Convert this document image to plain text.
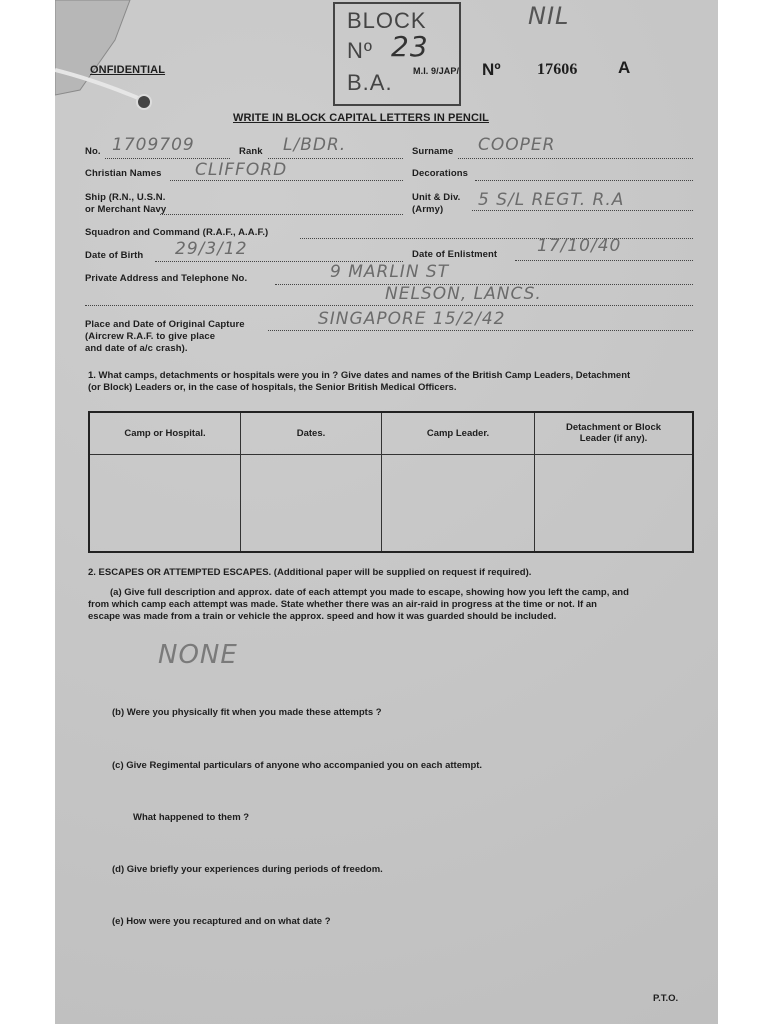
BLOCK
Nº 23
B.A.
NIL
ONFIDENTIAL	M.I. 9/JAP/ Nº 17606 A
WRITE IN BLOCK CAPITAL LETTERS IN PENCIL
No. 1709709	Rank L/BDR.	Surname COOPER
Christian Names CLIFFORD	Decorations
Ship (R.N., U.S.N.
or Merchant Navy
Unit & Div.
(Army) 5 S/L REGT. R.A
Squadron and Command (R.A.F., A.A.F.)
Date of Birth 29/3/12	Date of Enlistment 17/10/40
Private Address and Telephone No.	9 MARLIN ST
NELSON, LANCS.
Place and Date of Original Capture
(Aircrew R.A.F. to give place
and date of a/c crash).
SINGAPORE 15/2/42
1. What camps, detachments or hospitals were you in ? Give dates and names of the British Camp Leaders, Detachment
(or Block) Leaders or, in the case of hospitals, the Senior British Medical Officers.
Camp or Hospital.	Dates.	Camp Leader.	Detachment or Block
Leader (if any).

2. ESCAPES OR ATTEMPTED ESCAPES. (Additional paper will be supplied on request if required).
(a) Give full description and approx. date of each attempt you made to escape, showing how you left the camp, and
from which camp each attempt was made. State whether there was an air-raid in progress at the time or not. If an
escape was made from a train or vehicle the approx. speed and how it was guarded should be included.
NONE
(b) Were you physically fit when you made these attempts ?
(c) Give Regimental particulars of anyone who accompanied you on each attempt.
What happened to them ?
(d) Give briefly your experiences during periods of freedom.
(e) How were you recaptured and on what date ?
P.T.O.
